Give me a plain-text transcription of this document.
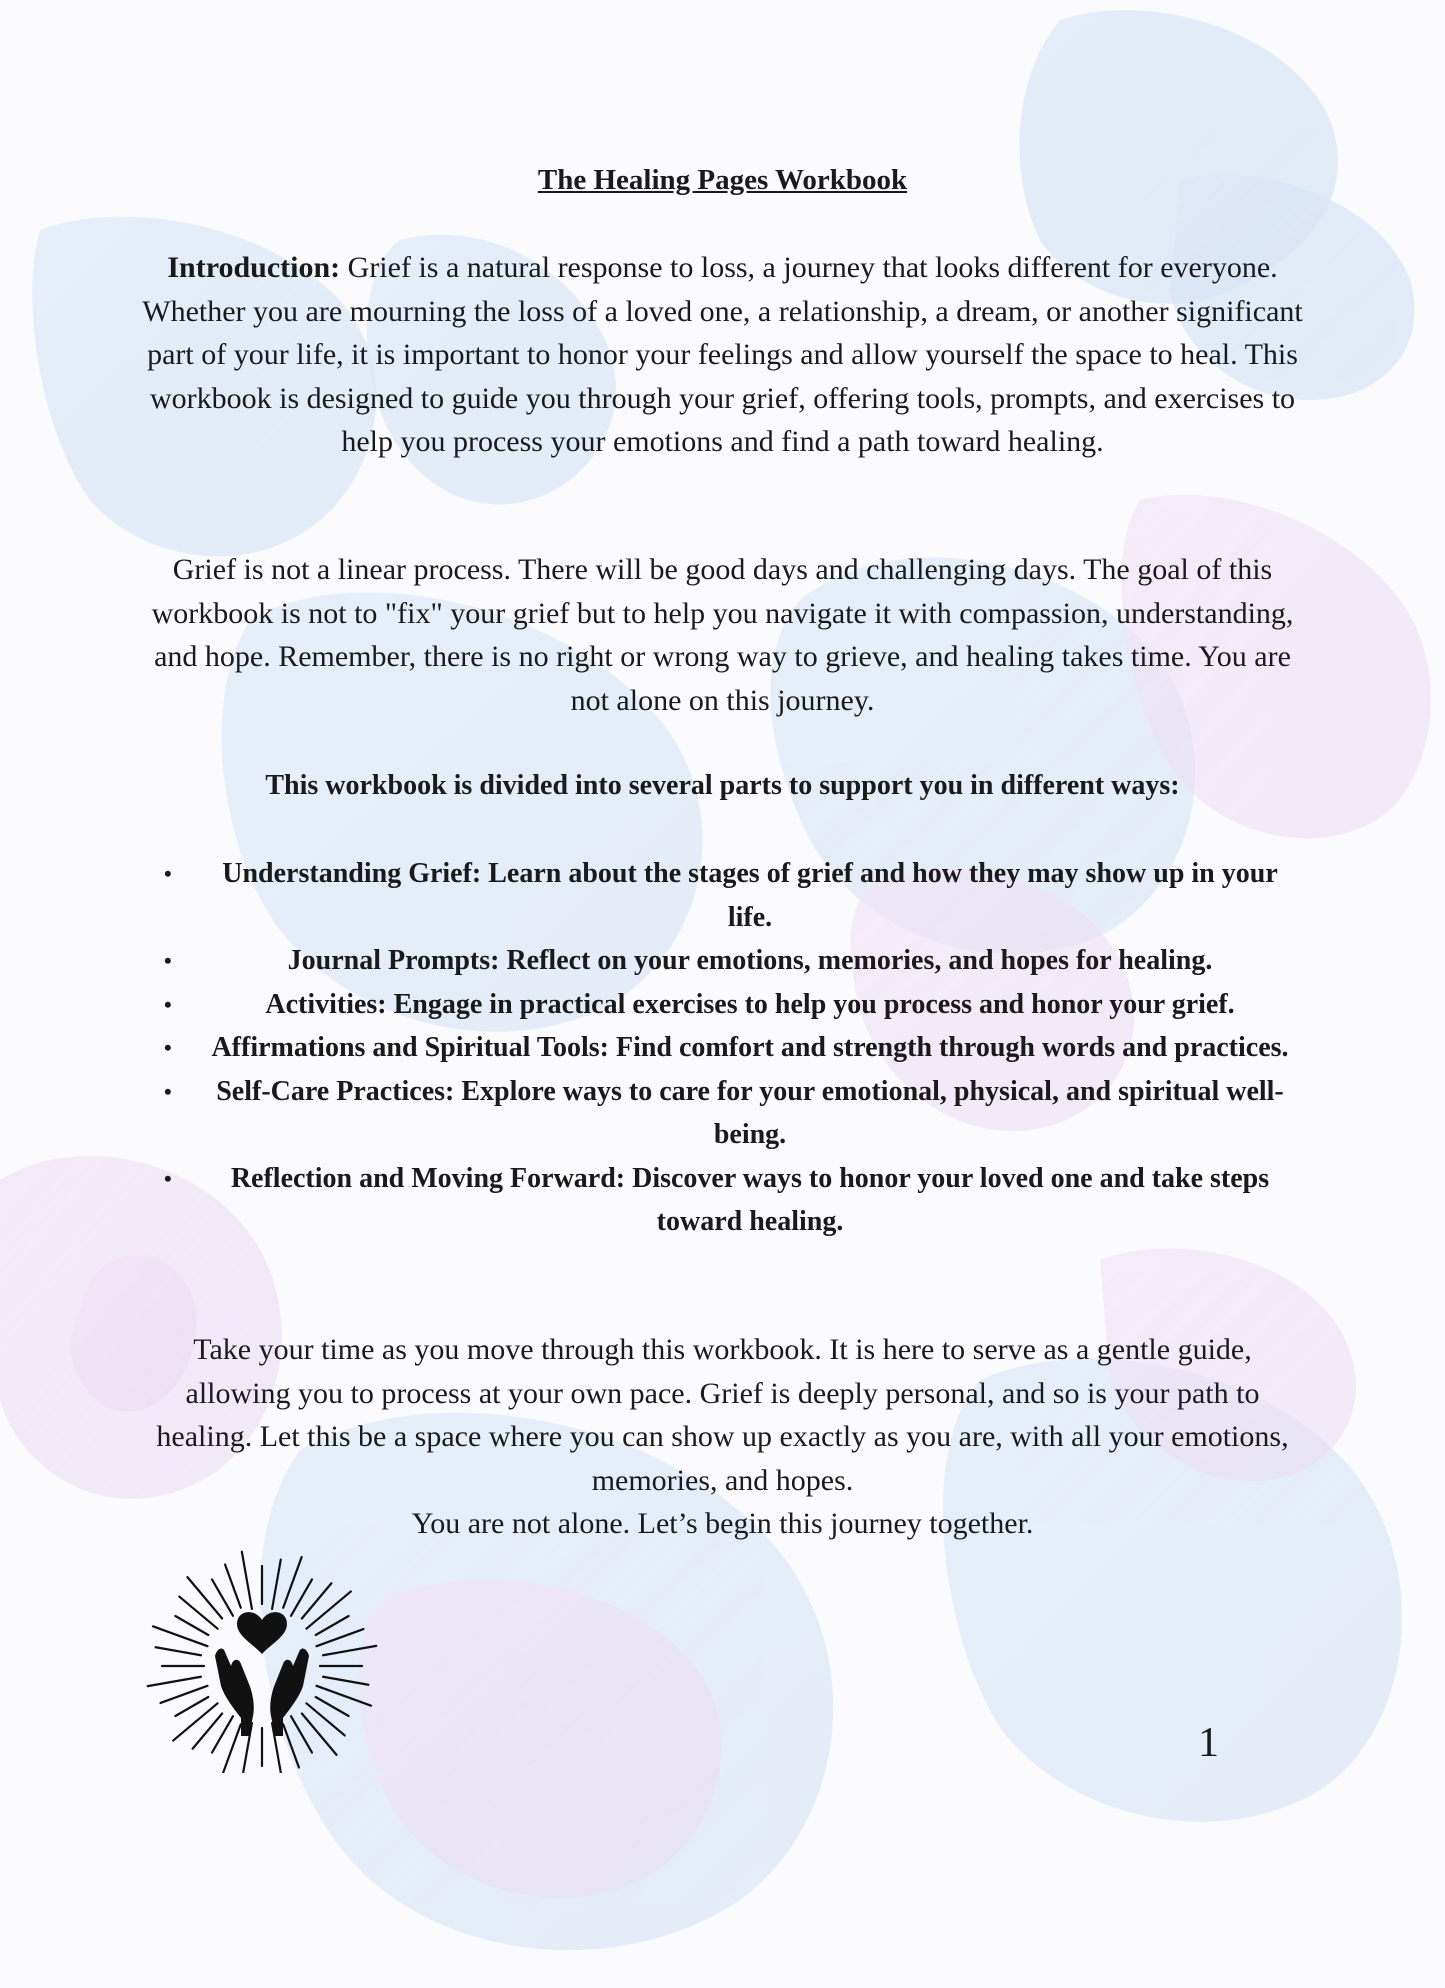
The Healing Pages Workbook
Introduction: Grief is a natural response to loss, a journey that looks different for everyone. Whether you are mourning the loss of a loved one, a relationship, a dream, or another significant part of your life, it is important to honor your feelings and allow yourself the space to heal. This workbook is designed to guide you through your grief, offering tools, prompts, and exercises to help you process your emotions and find a path toward healing.
Grief is not a linear process. There will be good days and challenging days. The goal of this workbook is not to "fix" your grief but to help you navigate it with compassion, understanding, and hope. Remember, there is no right or wrong way to grieve, and healing takes time. You are not alone on this journey.
This workbook is divided into several parts to support you in different ways:
• Understanding Grief: Learn about the stages of grief and how they may show up in your life.
•	Journal Prompts: Reflect on your emotions, memories, and hopes for healing.
•	Activities: Engage in practical exercises to help you process and honor your grief.
• Affirmations and Spiritual Tools: Find comfort and strength through words and practices.
• Self-Care Practices: Explore ways to care for your emotional, physical, and spiritual well-being.
• Reflection and Moving Forward: Discover ways to honor your loved one and take steps toward healing.
Take your time as you move through this workbook. It is here to serve as a gentle guide, allowing you to process at your own pace. Grief is deeply personal, and so is your path to healing. Let this be a space where you can show up exactly as you are, with all your emotions, memories, and hopes.
You are not alone. Let’s begin this journey together.
1
